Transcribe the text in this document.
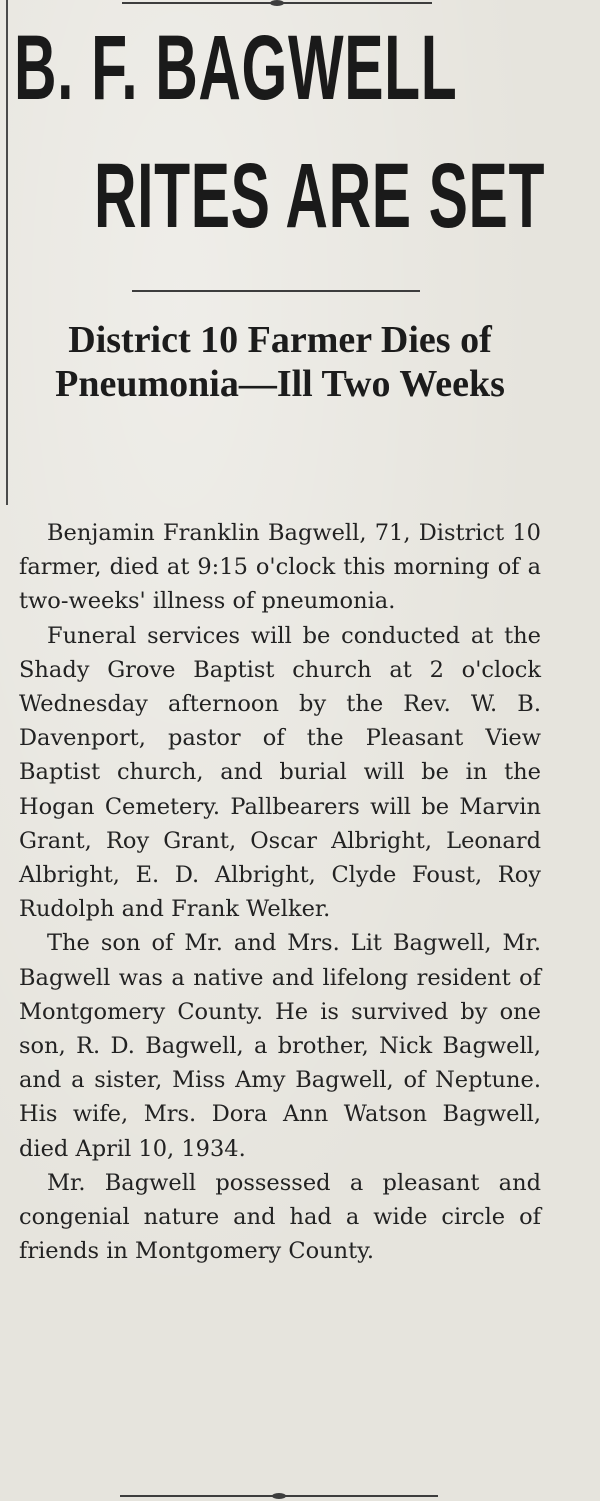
B. F. BAGWELL
RITES ARE SET
District 10 Farmer Dies of Pneumonia—Ill Two Weeks

Benjamin Franklin Bagwell, 71, District 10 farmer, died at 9:15 o'clock this morning of a two-weeks' illness of pneumonia.

Funeral services will be conducted at the Shady Grove Baptist church at 2 o'clock Wednesday afternoon by the Rev. W. B. Davenport, pastor of the Pleasant View Baptist church, and burial will be in the Hogan Cemetery. Pallbearers will be Marvin Grant, Roy Grant, Oscar Albright, Leonard Albright, E. D. Albright, Clyde Foust, Roy Rudolph and Frank Welker.

The son of Mr. and Mrs. Lit Bagwell, Mr. Bagwell was a native and lifelong resident of Montgomery County. He is survived by one son, R. D. Bagwell, a brother, Nick Bagwell, and a sister, Miss Amy Bagwell, of Neptune. His wife, Mrs. Dora Ann Watson Bagwell, died April 10, 1934.

Mr. Bagwell possessed a pleasant and congenial nature and had a wide circle of friends in Montgomery County.
